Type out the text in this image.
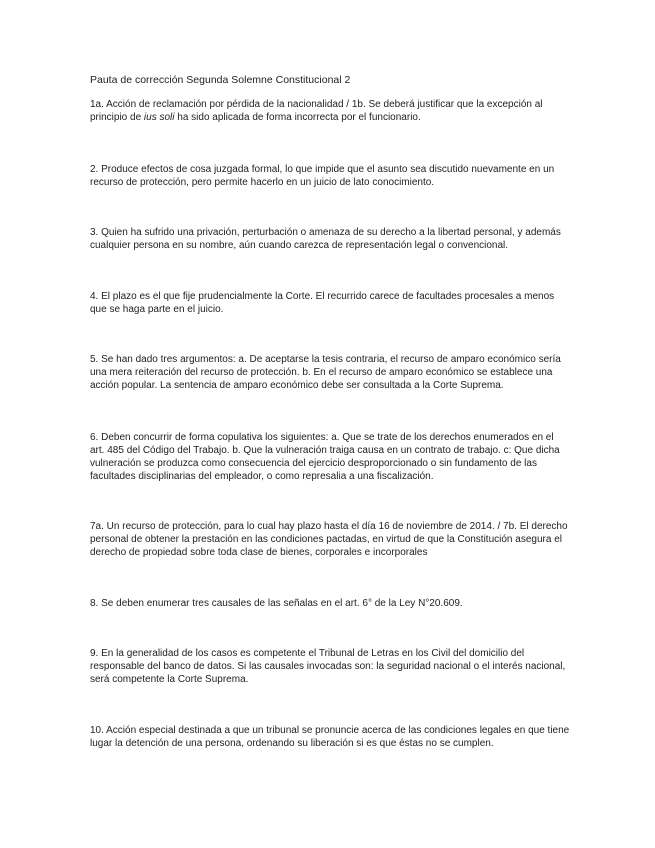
Pauta de corrección Segunda Solemne Constitucional 2

1a. Acción de reclamación por pérdida de la nacionalidad / 1b. Se deberá justificar que la excepción al principio de ius soli ha sido aplicada de forma incorrecta por el funcionario.

2. Produce efectos de cosa juzgada formal, lo que impide que el asunto sea discutido nuevamente en un recurso de protección, pero permite hacerlo en un juicio de lato conocimiento.

3. Quien ha sufrido una privación, perturbación o amenaza de su derecho a la libertad personal, y además cualquier persona en su nombre, aún cuando carezca de representación legal o convencional.

4. El plazo es el que fije prudencialmente la Corte. El recurrido carece de facultades procesales a menos que se haga parte en el juicio.

5. Se han dado tres argumentos: a. De aceptarse la tesis contraria, el recurso de amparo económico sería una mera reiteración del recurso de protección. b. En el recurso de amparo económico se establece una acción popular. La sentencia de amparo económico debe ser consultada a la Corte Suprema.

6. Deben concurrir de forma copulativa los siguientes: a. Que se trate de los derechos enumerados en el art. 485 del Código del Trabajo. b. Que la vulneración traiga causa en un contrato de trabajo. c: Que dicha vulneración se produzca como consecuencia del ejercicio desproporcionado o sin fundamento de las facultades disciplinarias del empleador, o como represalia a una fiscalización.

7a. Un recurso de protección, para lo cual hay plazo hasta el día 16 de noviembre de 2014. / 7b. El derecho personal de obtener la prestación en las condiciones pactadas, en virtud de que la Constitución asegura el derecho de propiedad sobre toda clase de bienes, corporales e incorporales

8. Se deben enumerar tres causales de las señalas en el art. 6° de la Ley N°20.609.

9. En la generalidad de los casos es competente el Tribunal de Letras en los Civil del domicilio del responsable del banco de datos. Si las causales invocadas son: la seguridad nacional o el interés nacional, será competente la Corte Suprema.

10. Acción especial destinada a que un tribunal se pronuncie acerca de las condiciones legales en que tiene lugar la detención de una persona, ordenando su liberación si es que éstas no se cumplen.
